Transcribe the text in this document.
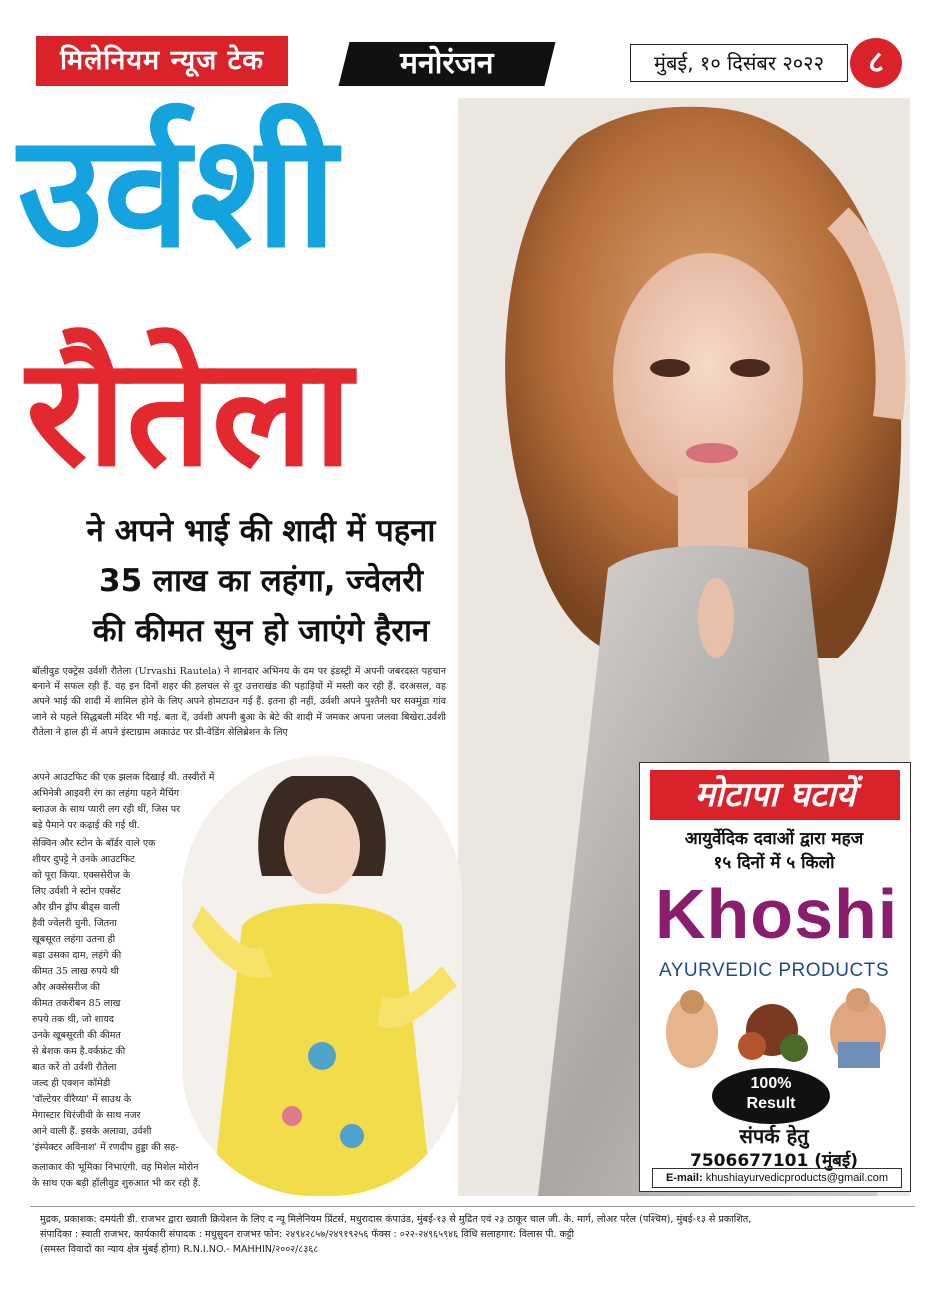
मिलेनियम न्यूज टेक	मनोरंजन	मुंबई, १० दिसंबर २०२२	८
उर्वशी
रौतेला
ने अपने भाई की शादी में पहना
35 लाख का लहंगा, ज्वेलरी
की कीमत सुन हो जाएंगे हैरान
बॉलीवुड एक्ट्रेस उर्वशी रौतेला (Urvashi Rautela) ने शानदार अभिनय के दम पर इंडस्ट्री में अपनी जबरदस्त पहचान बनाने में सफल रही हैं. वह इन दिनों शहर की हलचल से दूर उत्तराखंड की पहाड़ियों में मस्ती कर रही हैं. दरअसल, वह अपने भाई की शादी में शामिल होने के लिए अपने होमटाउन गई हैं. इतना ही नहीं, उर्वशी अपने पुश्तैनी घर सक्मुंडा गांव जाने से पहले सिद्धबली मंदिर भी गई. बता दें, उर्वशी अपनी बुआ के बेटे की शादी में जमकर अपना जलवा बिखेरा.उर्वशी रौतेला ने हाल ही में अपने इंस्टाग्राम अकाउंट पर प्री-वेडिंग सेलिब्रेशन के लिए
अपने आउटफिट की एक झलक दिखाई थी. तस्वीरों में
अभिनेत्री आइवरी रंग का लहंगा पहने मैचिंग
ब्लाउज के साथ प्यारी लग रही थीं, जिस पर
बड़े पैमाने पर कढ़ाई की गई थी.
सेक्विन और स्टोन के बॉर्डर वाले एक
शीयर दुपट्टे ने उनके आउटफिट
को पूरा किया. एक्ससेरीज के
लिए उर्वशी ने स्टोन एक्सेंट
और ग्रीन ड्रॉप बीड्स वाली
हैवी ज्वेलरी चुनी. जितना
खूबसूरत लहंगा उतना ही
बड़ा उसका दाम, लहंगे की
कीमत 35 लाख रुपये थी
और अक्सेसरीज की
कीमत तकरीबन 85 लाख
रुपये तक थी, जो शायद
उनके खूबसूरती की कीमत
से बेशक कम है.वर्कफ्रंट की
बात करें तो उर्वशी रौतेला
जल्द ही एक्शन कॉमेडी
'वॉल्टेयर वीरैय्या' में साउथ के
मेगास्टार चिरंजीवी के साथ नजर
आने वाली हैं. इसके अलावा, उर्वशी
'इंस्पेक्टर अविनाश' में रणदीप हुड्डा की सह-
कलाकार की भूमिका निभाएंगी. वह मिशेल मोरोन
के साथ एक बड़ी हॉलीवुड शुरुआत भी कर रही हैं.
मोटापा घटायें
आयुर्वेदिक दवाओं द्वारा महज
१५ दिनों में ५ किलो
Khoshi
AYURVEDIC PRODUCTS
100%
Result
संपर्क हेतु
7506677101 (मुंबई)
E-mail: khushiayurvedicproducts@gmail.com
मुद्रक, प्रकाशक: दमयंती डी. राजभर द्वारा ख्वाती क्रियेशन के लिए द न्यू मिलेनियम प्रिंटर्स, मधुरादास कंपाउंड, मुंबई-१३ से मुद्रित एवं २३ ठाकूर चाल जी. के. मार्ग, लोअर परेल (पश्चिम), मुंबई-१३ से प्रकाशित,
संपादिका : स्वाती राजभर, कार्यकारी संपादक : मधुसुदन राजभर फोन: २४९४२८५७/२४९१९२५६ फॅक्स : ०२२-२४९६५९४६ विधि सलाहगार: विलास पी. कट्टी
(समस्त विवादों का न्याय क्षेत्र मुंबई होगा) R.N.I.NO.- MAHHIN/२००२/८३६८
